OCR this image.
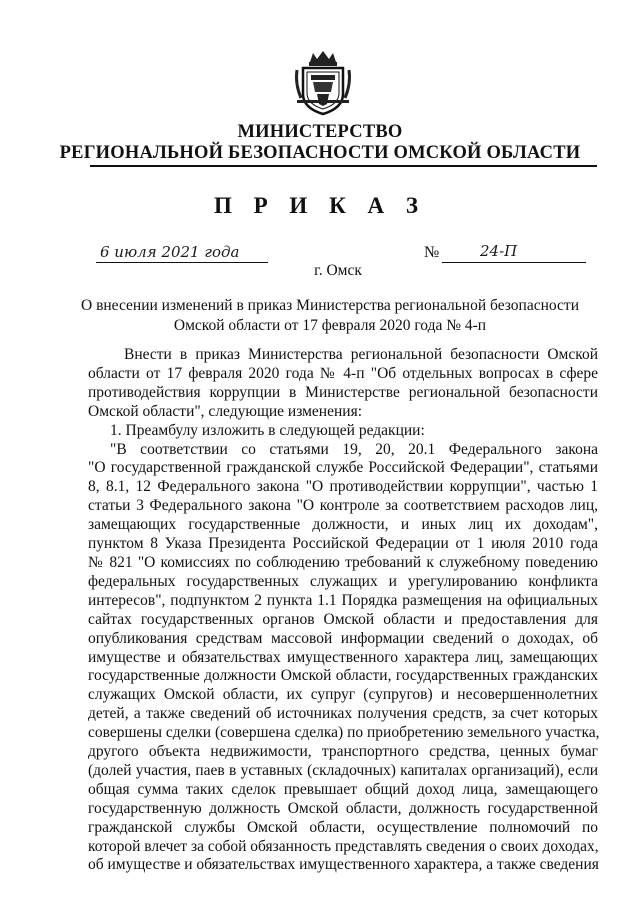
МИНИСТЕРСТВО
РЕГИОНАЛЬНОЙ БЕЗОПАСНОСТИ ОМСКОЙ ОБЛАСТИ
П Р И К А З
6 июля 2021 года	№	24-П
г. Омск
О внесении изменений в приказ Министерства региональной безопасности
Омской области от 17 февраля 2020 года № 4-п
Внести в приказ Министерства региональной безопасности Омской
области от 17 февраля 2020 года № 4-п "Об отдельных вопросах в сфере
противодействия коррупции в Министерстве региональной безопасности
Омской области", следующие изменения:
1. Преамбулу изложить в следующей редакции:
"В соответствии со статьями 19, 20, 20.1 Федерального закона
"О государственной гражданской службе Российской Федерации", статьями
8, 8.1, 12 Федерального закона "О противодействии коррупции", частью 1
статьи 3 Федерального закона "О контроле за соответствием расходов лиц,
замещающих государственные должности, и иных лиц их доходам",
пунктом 8 Указа Президента Российской Федерации от 1 июля 2010 года
№ 821 "О комиссиях по соблюдению требований к служебному поведению
федеральных государственных служащих и урегулированию конфликта
интересов", подпунктом 2 пункта 1.1 Порядка размещения на официальных
сайтах государственных органов Омской области и предоставления для
опубликования средствам массовой информации сведений о доходах, об
имуществе и обязательствах имущественного характера лиц, замещающих
государственные должности Омской области, государственных гражданских
служащих Омской области, их супруг (супругов) и несовершеннолетних
детей, а также сведений об источниках получения средств, за счет которых
совершены сделки (совершена сделка) по приобретению земельного участка,
другого объекта недвижимости, транспортного средства, ценных бумаг
(долей участия, паев в уставных (складочных) капиталах организаций), если
общая сумма таких сделок превышает общий доход лица, замещающего
государственную должность Омской области, должность государственной
гражданской службы Омской области, осуществление полномочий по
которой влечет за собой обязанность представлять сведения о своих доходах,
об имуществе и обязательствах имущественного характера, а также сведения
